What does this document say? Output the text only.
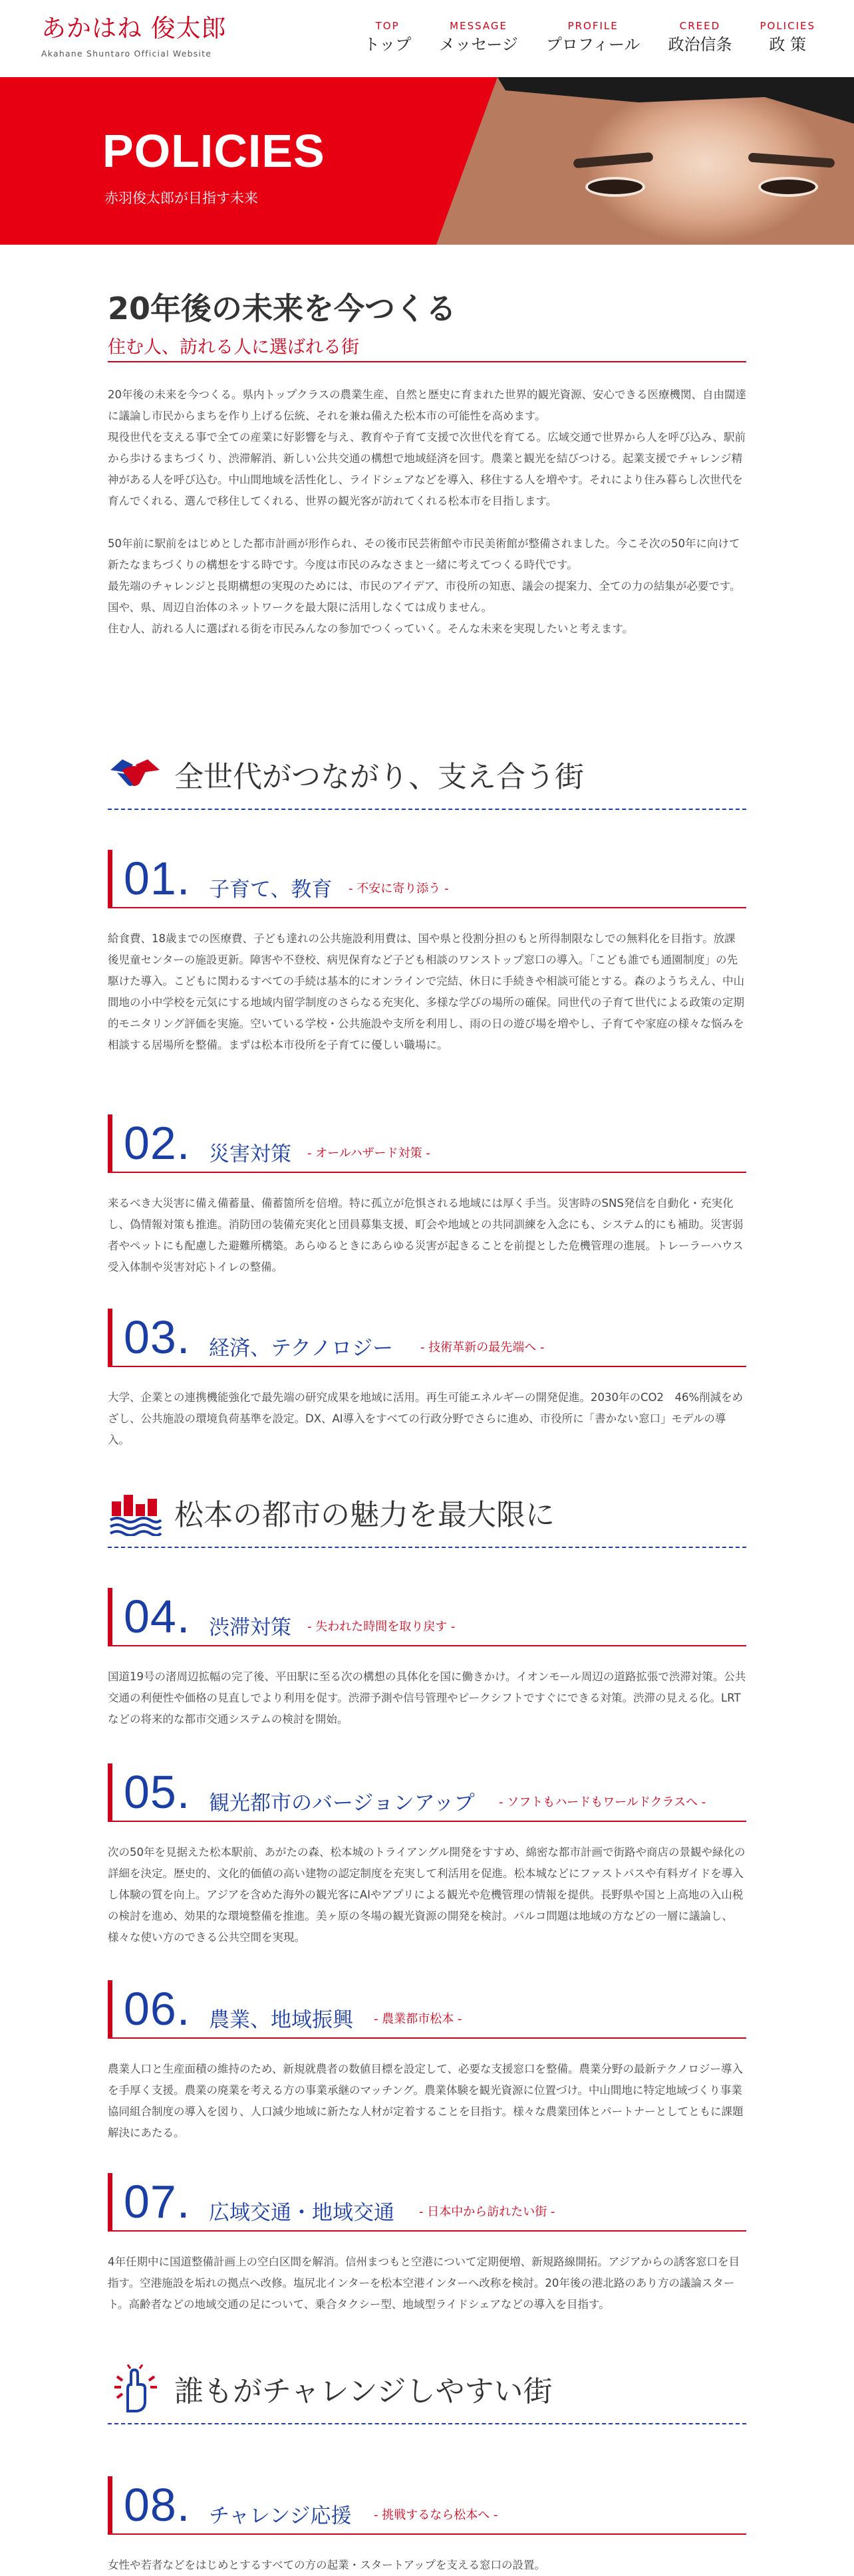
あかはね 俊太郎
Akahane Shuntaro Official Website
TOP
トップ
MESSAGE
メッセージ
PROFILE
プロフィール
CREED
政治信条
POLICIES
政 策
POLICIES
赤羽俊太郎が目指す未来
20年後の未来を今つくる
住む人、訪れる人に選ばれる街

20年後の未来を今つくる。県内トップクラスの農業生産、自然と歴史に育まれた世界的観光資源、安心できる医療機関、自由闊達に議論し市民からまちを作り上げる伝統、それを兼ね備えた松本市の可能性を高めます。

現役世代を支える事で全ての産業に好影響を与え、教育や子育て支援で次世代を育てる。広域交通で世界から人を呼び込み、駅前から歩けるまちづくり、渋滞解消、新しい公共交通の構想で地域経済を回す。農業と観光を結びつける。起業支援でチャレンジ精神がある人を呼び込む。中山間地域を活性化し、ライドシェアなどを導入、移住する人を増やす。それにより住み暮らし次世代を育んでくれる、選んで移住してくれる、世界の観光客が訪れてくれる松本市を目指します。

50年前に駅前をはじめとした都市計画が形作られ、その後市民芸術館や市民美術館が整備されました。今こそ次の50年に向けて新たなまちづくりの構想をする時です。今度は市民のみなさまと一緒に考えてつくる時代です。

最先端のチャレンジと長期構想の実現のためには、市民のアイデア、市役所の知恵、議会の提案力、全ての力の結集が必要です。国や、県、周辺自治体のネットワークを最大限に活用しなくては成りません。

住む人、訪れる人に選ばれる街を市民みんなの参加でつくっていく。そんな未来を実現したいと考えます。

全世代がつながり、支え合う街
01. 子育て、教育 - 不安に寄り添う -

給食費、18歳までの医療費、子ども達れの公共施設利用費は、国や県と役割分担のもと所得制限なしでの無料化を目指す。放課後児童センターの施設更新。障害や不登校、病児保育など子ども相談のワンストップ窓口の導入。「こども誰でも通園制度」の先駆けた導入。こどもに関わるすべての手続は基本的にオンラインで完結、休日に手続きや相談可能とする。森のようちえん、中山間地の小中学校を元気にする地域内留学制度のさらなる充実化、多様な学びの場所の確保。同世代の子育て世代による政策の定期的モニタリング評価を実施。空いている学校・公共施設や支所を利用し、雨の日の遊び場を増やし、子育てや家庭の様々な悩みを相談する居場所を整備。まずは松本市役所を子育てに優しい職場に。

02. 災害対策 - オールハザード対策 -

来るべき大災害に備え備蓄量、備蓄箇所を倍増。特に孤立が危惧される地域には厚く手当。災害時のSNS発信を自動化・充実化し、偽情報対策も推進。消防団の装備充実化と団員募集支援、町会や地域との共同訓練を入念にも、システム的にも補助。災害弱者やペットにも配慮した避難所構築。あらゆるときにあらゆる災害が起きることを前提とした危機管理の進展。トレーラーハウス受入体制や災害対応トイレの整備。

03. 経済、テクノロジー - 技術革新の最先端へ -

大学、企業との連携機能強化で最先端の研究成果を地域に活用。再生可能エネルギーの開発促進。2030年のCO2　46%削減をめざし、公共施設の環境負荷基準を設定。DX、AI導入をすべての行政分野でさらに進め、市役所に「書かない窓口」モデルの導入。

松本の都市の魅力を最大限に
04. 渋滞対策 - 失われた時間を取り戻す -

国道19号の渚周辺拡幅の完了後、平田駅に至る次の構想の具体化を国に働きかけ。イオンモール周辺の道路拡張で渋滞対策。公共交通の利便性や価格の見直しでより利用を促す。渋滞予測や信号管理やピークシフトですぐにできる対策。渋滞の見える化。LRTなどの将来的な都市交通システムの検討を開始。

05. 観光都市のバージョンアップ - ソフトもハードもワールドクラスへ -

次の50年を見据えた松本駅前、あがたの森、松本城のトライアングル開発をすすめ、綿密な都市計画で街路や商店の景観や緑化の詳細を決定。歴史的、文化的価値の高い建物の認定制度を充実して利活用を促進。松本城などにファストパスや有料ガイドを導入し体験の質を向上。アジアを含めた海外の観光客にAIやアプリによる観光や危機管理の情報を提供。長野県や国と上高地の入山税の検討を進め、効果的な環境整備を推進。美ヶ原の冬場の観光資源の開発を検討。パルコ問題は地域の方などの一層に議論し、様々な使い方のできる公共空間を実現。

06. 農業、地域振興 - 農業都市松本 -

農業人口と生産面積の維持のため、新規就農者の数値目標を設定して、必要な支援窓口を整備。農業分野の最新テクノロジー導入を手厚く支援。農業の廃業を考える方の事業承継のマッチング。農業体験を観光資源に位置づけ。中山間地に特定地域づくり事業協同組合制度の導入を図り、人口減少地域に新たな人材が定着することを目指す。様々な農業団体とパートナーとしてともに課題解決にあたる。

07. 広域交通・地域交通 - 日本中から訪れたい街 -

4年任期中に国道整備計画上の空白区間を解消。信州まつもと空港について定期便増、新規路線開拓。アジアからの誘客窓口を目指す。空港施設を垢れの拠点へ改修。塩尻北インターを松本空港インターへ改称を検討。20年後の港北路のあり方の議論スタート。高齢者などの地域交通の足について、乗合タクシー型、地域型ライドシェアなどの導入を目指す。

誰もがチャレンジしやすい街
08. チャレンジ応援 - 挑戦するなら松本へ -

女性や若者などをはじめとするすべての方の起業・スタートアップを支える窓口の設置。
